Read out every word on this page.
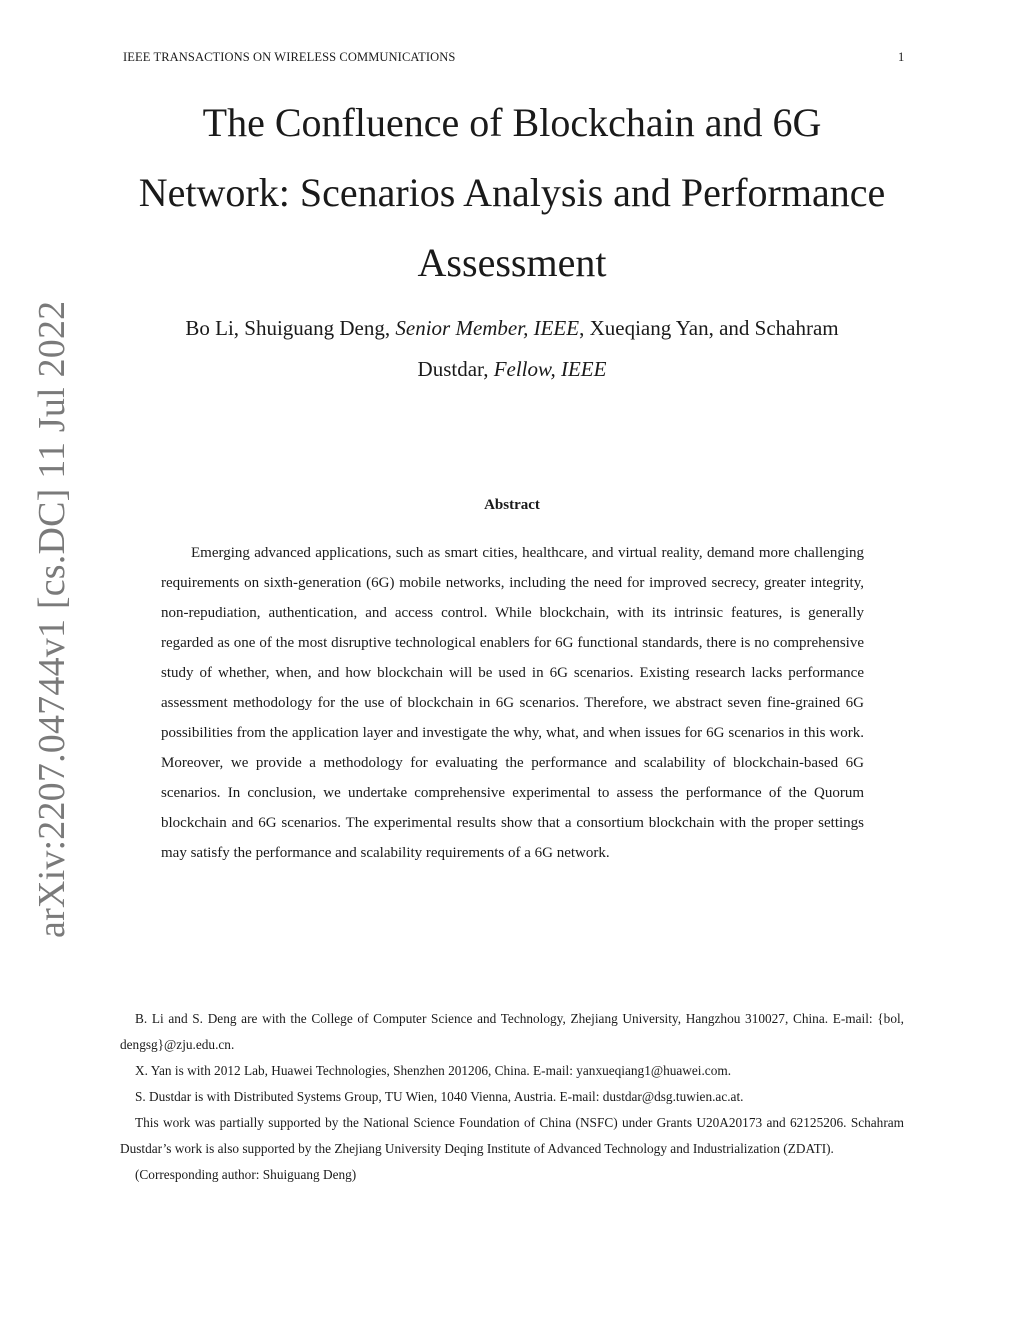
IEEE TRANSACTIONS ON WIRELESS COMMUNICATIONS	1
arXiv:2207.04744v1 [cs.DC] 11 Jul 2022
The Confluence of Blockchain and 6G
Network: Scenarios Analysis and Performance
Assessment
Bo Li, Shuiguang Deng, Senior Member, IEEE, Xueqiang Yan, and Schahram
Dustdar, Fellow, IEEE
Abstract

Emerging advanced applications, such as smart cities, healthcare, and virtual reality, demand more challenging requirements on sixth-generation (6G) mobile networks, including the need for improved secrecy, greater integrity, non-repudiation, authentication, and access control. While blockchain, with its intrinsic features, is generally regarded as one of the most disruptive technological enablers for 6G functional standards, there is no comprehensive study of whether, when, and how blockchain will be used in 6G scenarios. Existing research lacks performance assessment methodology for the use of blockchain in 6G scenarios. Therefore, we abstract seven fine-grained 6G possibilities from the application layer and investigate the why, what, and when issues for 6G scenarios in this work. Moreover, we provide a methodology for evaluating the performance and scalability of blockchain-based 6G scenarios. In conclusion, we undertake comprehensive experimental to assess the performance of the Quorum blockchain and 6G scenarios. The experimental results show that a consortium blockchain with the proper settings may satisfy the performance and scalability requirements of a 6G network.

B. Li and S. Deng are with the College of Computer Science and Technology, Zhejiang University, Hangzhou 310027, China. E-mail: {bol, dengsg}@zju.edu.cn.

X. Yan is with 2012 Lab, Huawei Technologies, Shenzhen 201206, China. E-mail: yanxueqiang1@huawei.com.

S. Dustdar is with Distributed Systems Group, TU Wien, 1040 Vienna, Austria. E-mail: dustdar@dsg.tuwien.ac.at.

This work was partially supported by the National Science Foundation of China (NSFC) under Grants U20A20173 and 62125206. Schahram Dustdar’s work is also supported by the Zhejiang University Deqing Institute of Advanced Technology and Industrialization (ZDATI).

(Corresponding author: Shuiguang Deng)
